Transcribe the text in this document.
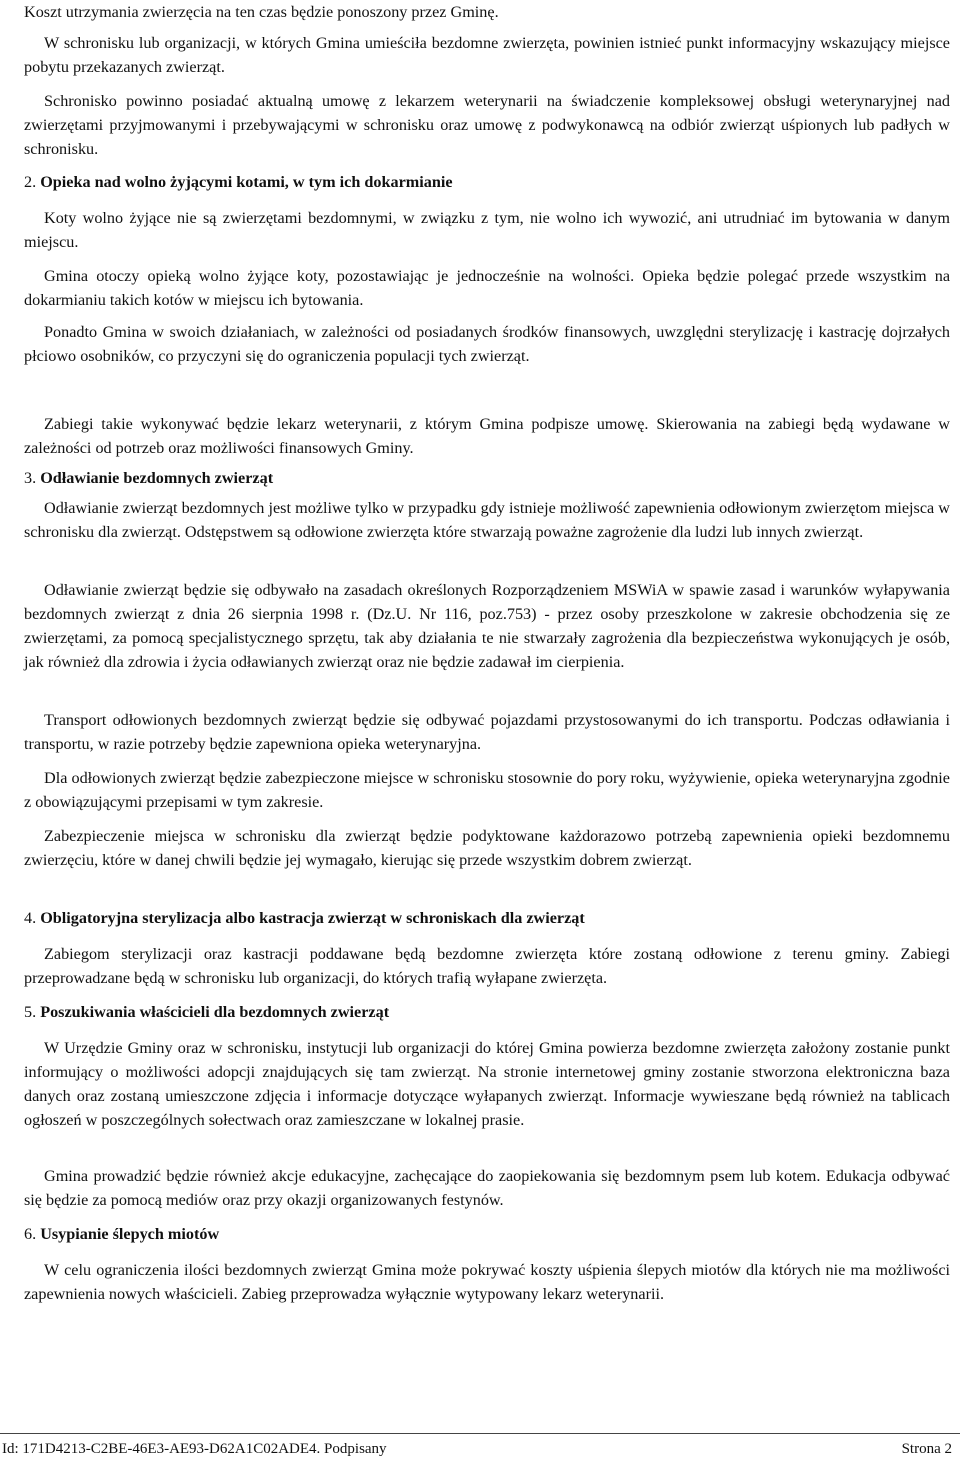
Koszt utrzymania zwierzęcia na ten czas będzie ponoszony przez Gminę.

W schronisku lub organizacji, w których Gmina umieściła bezdomne zwierzęta, powinien istnieć punkt informacyjny wskazujący miejsce pobytu przekazanych zwierząt.

Schronisko powinno posiadać aktualną umowę z lekarzem weterynarii na świadczenie kompleksowej obsługi weterynaryjnej nad zwierzętami przyjmowanymi i przebywającymi w schronisku oraz umowę z podwykonawcą na odbiór zwierząt uśpionych lub padłych w schronisku.

2. Opieka nad wolno żyjącymi kotami, w tym ich dokarmianie

Koty wolno żyjące nie są zwierzętami bezdomnymi, w związku z tym, nie wolno ich wywozić, ani utrudniać im bytowania w danym miejscu.

Gmina otoczy opieką wolno żyjące koty, pozostawiając je jednocześnie na wolności. Opieka będzie polegać przede wszystkim na dokarmianiu takich kotów w miejscu ich bytowania.

Ponadto Gmina w swoich działaniach, w zależności od posiadanych środków finansowych, uwzględni sterylizację i kastrację dojrzałych płciowo osobników, co przyczyni się do ograniczenia populacji tych zwierząt.

Zabiegi takie wykonywać będzie lekarz weterynarii, z którym Gmina podpisze umowę. Skierowania na zabiegi będą wydawane w zależności od potrzeb oraz możliwości finansowych Gminy.

3. Odławianie bezdomnych zwierząt

Odławianie zwierząt bezdomnych jest możliwe tylko w przypadku gdy istnieje możliwość zapewnienia odłowionym zwierzętom miejsca w schronisku dla zwierząt. Odstępstwem są odłowione zwierzęta które stwarzają poważne zagrożenie dla ludzi lub innych zwierząt.

Odławianie zwierząt będzie się odbywało na zasadach określonych Rozporządzeniem MSWiA w spawie zasad i warunków wyłapywania bezdomnych zwierząt z dnia 26 sierpnia 1998 r. (Dz.U. Nr 116, poz.753) - przez osoby przeszkolone w zakresie obchodzenia się ze zwierzętami, za pomocą specjalistycznego sprzętu, tak aby działania te nie stwarzały zagrożenia dla bezpieczeństwa wykonujących je osób, jak również dla zdrowia i życia odławianych zwierząt oraz nie będzie zadawał im cierpienia.

Transport odłowionych bezdomnych zwierząt będzie się odbywać pojazdami przystosowanymi do ich transportu. Podczas odławiania i transportu, w razie potrzeby będzie zapewniona opieka weterynaryjna.

Dla odłowionych zwierząt będzie zabezpieczone miejsce w schronisku stosownie do pory roku, wyżywienie, opieka weterynaryjna zgodnie z obowiązującymi przepisami w tym zakresie.

Zabezpieczenie miejsca w schronisku dla zwierząt będzie podyktowane każdorazowo potrzebą zapewnienia opieki bezdomnemu zwierzęciu, które w danej chwili będzie jej wymagało, kierując się przede wszystkim dobrem zwierząt.

4. Obligatoryjna sterylizacja albo kastracja zwierząt w schroniskach dla zwierząt

Zabiegom sterylizacji oraz kastracji poddawane będą bezdomne zwierzęta które zostaną odłowione z terenu gminy. Zabiegi przeprowadzane będą w schronisku lub organizacji, do których trafią wyłapane zwierzęta.

5. Poszukiwania właścicieli dla bezdomnych zwierząt

W Urzędzie Gminy oraz w schronisku, instytucji lub organizacji do której Gmina powierza bezdomne zwierzęta założony zostanie punkt informujący o możliwości adopcji znajdujących się tam zwierząt. Na stronie internetowej gminy zostanie stworzona elektroniczna baza danych oraz zostaną umieszczone zdjęcia i informacje dotyczące wyłapanych zwierząt. Informacje wywieszane będą również na tablicach ogłoszeń w poszczególnych sołectwach oraz zamieszczane w lokalnej prasie.

Gmina prowadzić będzie również akcje edukacyjne, zachęcające do zaopiekowania się bezdomnym psem lub kotem. Edukacja odbywać się będzie za pomocą mediów oraz przy okazji organizowanych festynów.

6. Usypianie ślepych miotów

W celu ograniczenia ilości bezdomnych zwierząt Gmina może pokrywać koszty uśpienia ślepych miotów dla których nie ma możliwości zapewnienia nowych właścicieli. Zabieg przeprowadza wyłącznie wytypowany lekarz weterynarii.

Id: 171D4213-C2BE-46E3-AE93-D62A1C02ADE4. Podpisany	Strona 2
